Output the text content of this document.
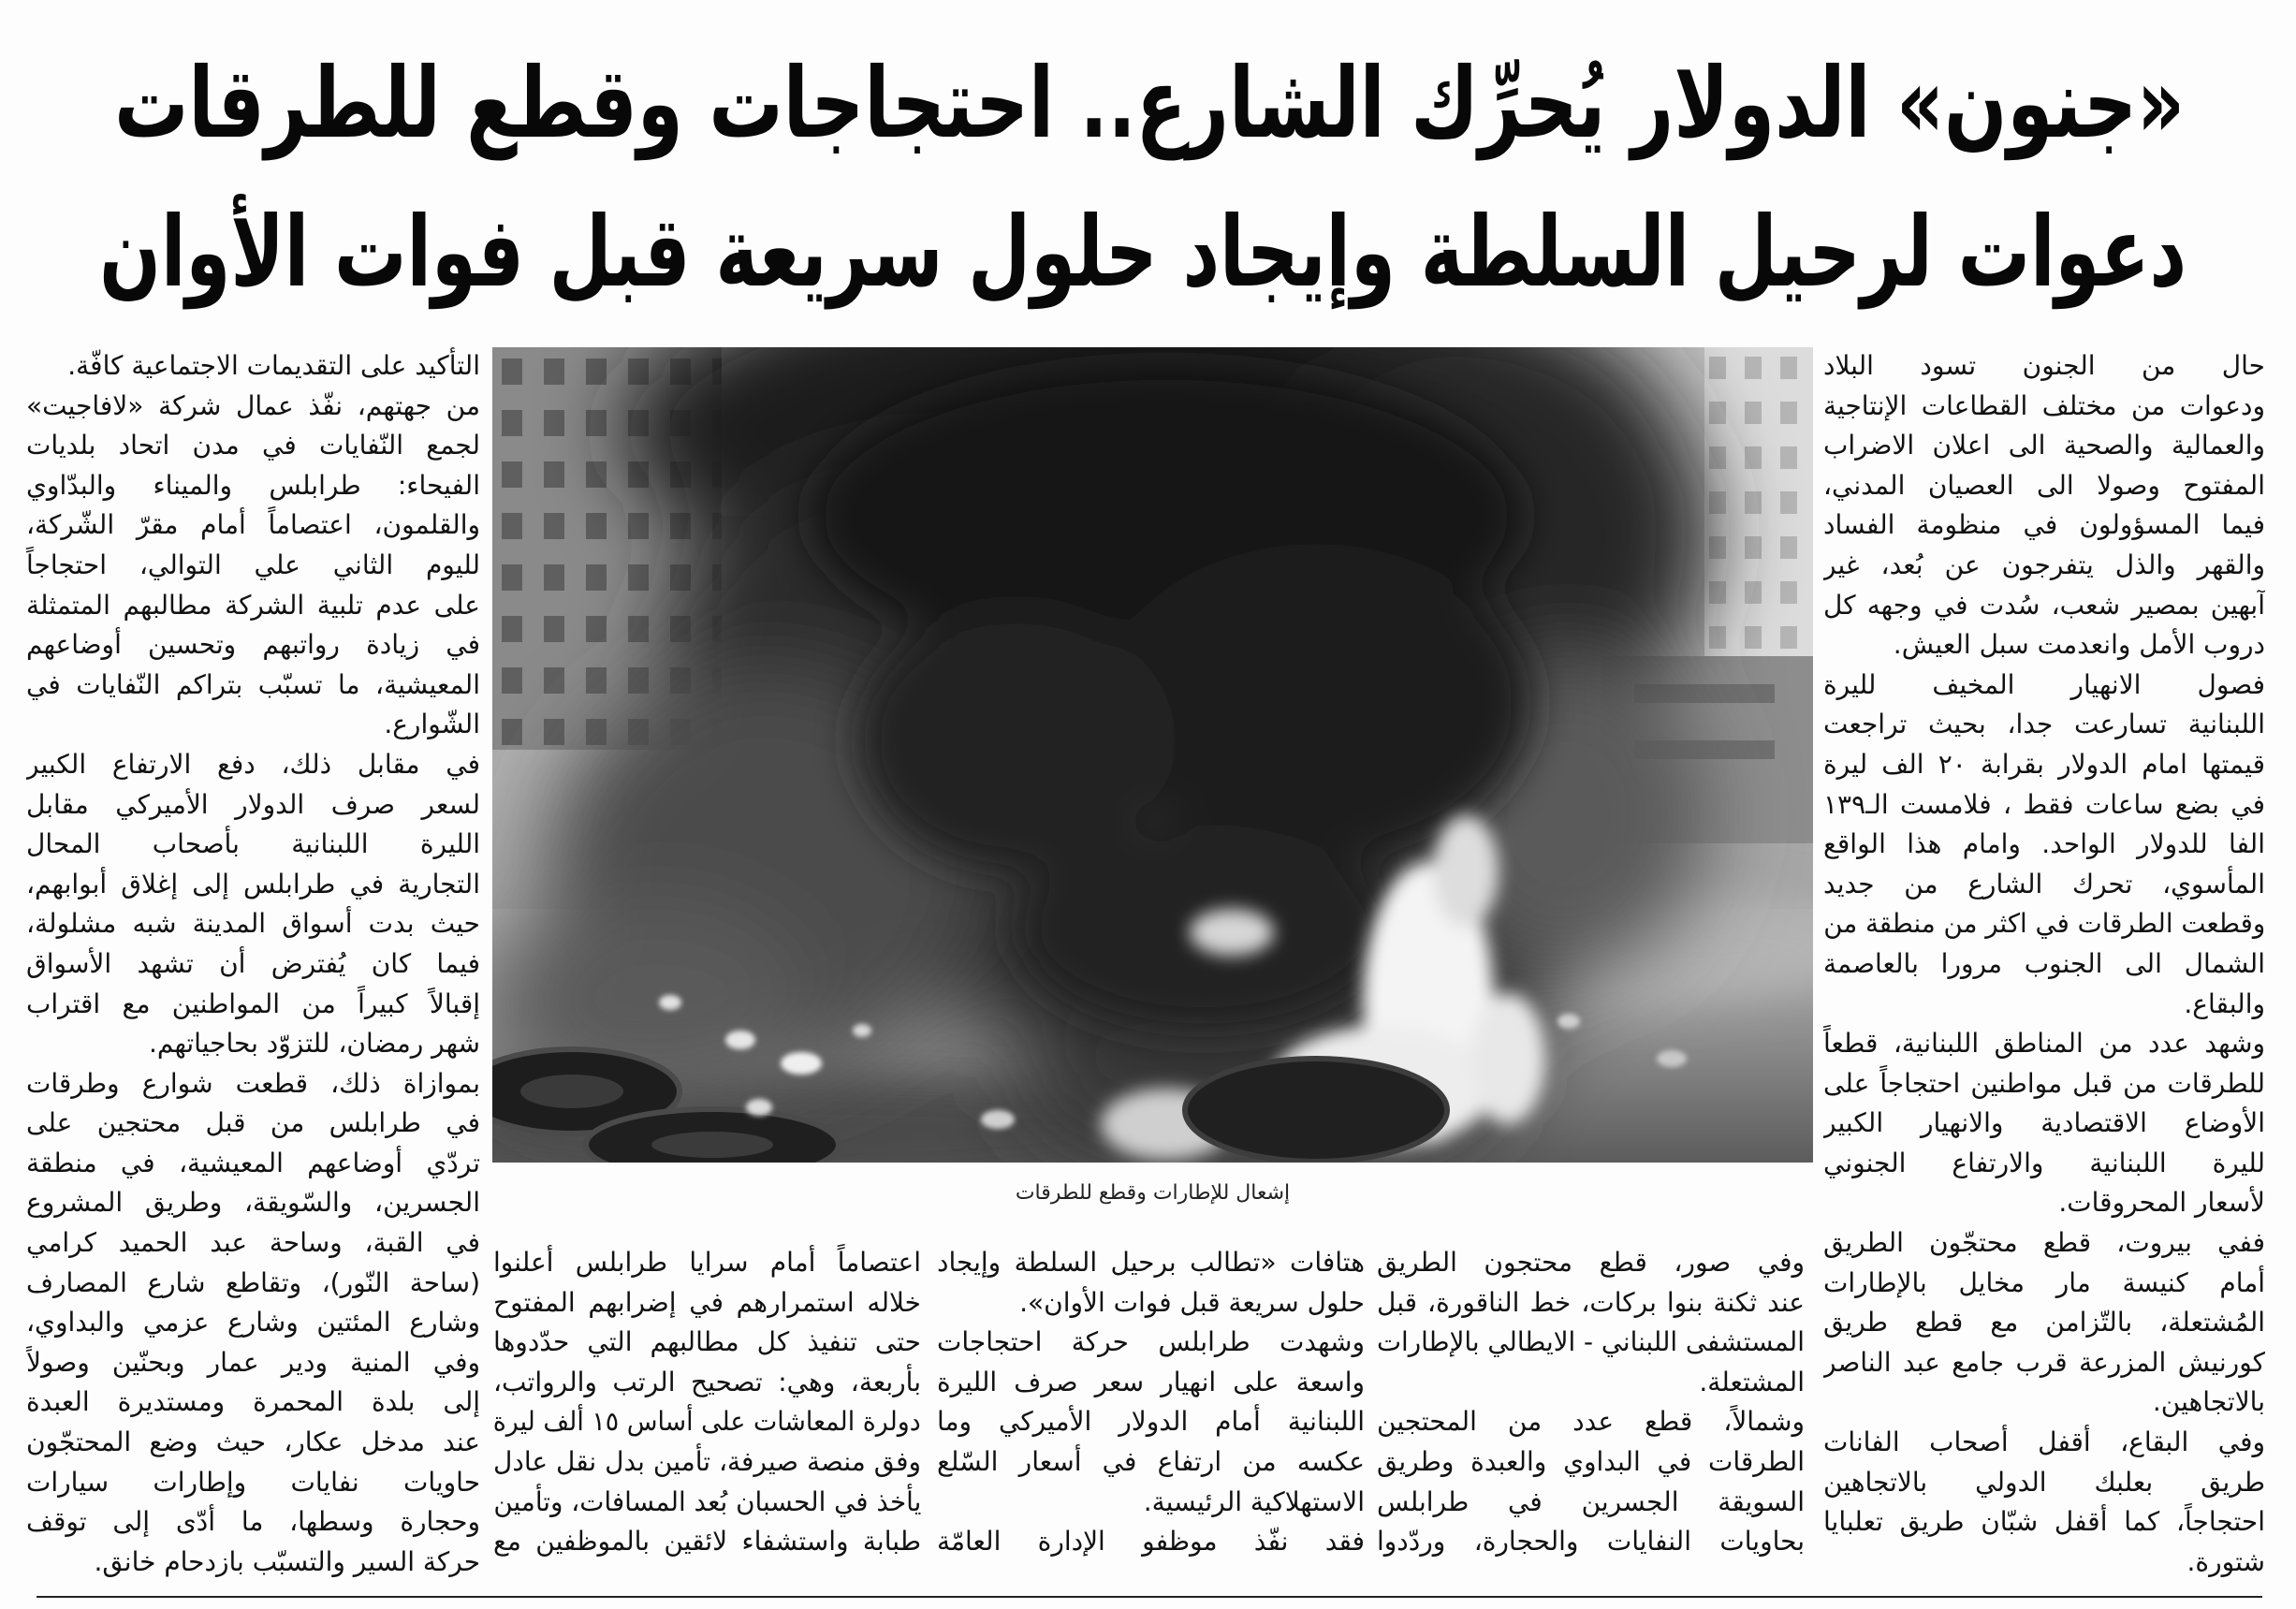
«جنون» الدولار يُحرِّك الشارع.. احتجاجات وقطع للطرقات
دعوات لرحيل السلطة وإيجاد حلول سريعة قبل فوات الأوان
حال من الجنون تسود البلاد
ودعوات من مختلف القطاعات الإنتاجية
والعمالية والصحية الى اعلان الاضراب
المفتوح وصولا الى العصيان المدني،
فيما المسؤولون في منظومة الفساد
والقهر والذل يتفرجون عن بُعد، غير
آبهين بمصير شعب، سُدت في وجهه كل
دروب الأمل وانعدمت سبل العيش.
فصول الانهيار المخيف لليرة
اللبنانية تسارعت جدا، بحيث تراجعت
قيمتها امام الدولار بقرابة ٢٠ الف ليرة
في بضع ساعات فقط ، فلامست الـ١٣٩
الفا للدولار الواحد. وامام هذا الواقع
المأسوي، تحرك الشارع من جديد
وقطعت الطرقات في اكثر من منطقة من
الشمال الى الجنوب مرورا بالعاصمة
والبقاع.
وشهد عدد من المناطق اللبنانية، قطعاً
للطرقات من قبل مواطنين احتجاجاً على
الأوضاع الاقتصادية والانهيار الكبير
لليرة اللبنانية والارتفاع الجنوني
لأسعار المحروقات.
ففي بيروت، قطع محتجّون الطريق
أمام كنيسة مار مخايل بالإطارات
المُشتعلة، بالتّزامن مع قطع طريق
كورنيش المزرعة قرب جامع عبد الناصر
بالاتجاهين.
وفي البقاع، أقفل أصحاب الفانات
طريق بعلبك الدولي بالاتجاهين
احتجاجاً، كما أقفل شبّان طريق تعلبايا
شتورة.
وفي صور، قطع محتجون الطريق
عند ثكنة بنوا بركات، خط الناقورة، قبل
المستشفى اللبناني - الايطالي بالإطارات
المشتعلة.
وشمالاً، قطع عدد من المحتجين
الطرقات في البداوي والعبدة وطريق
السويقة الجسرين في طرابلس
بحاويات النفايات والحجارة، وردّدوا
هتافات «تطالب برحيل السلطة وإيجاد
حلول سريعة قبل فوات الأوان».
وشهدت طرابلس حركة احتجاجات
واسعة على انهيار سعر صرف الليرة
اللبنانية أمام الدولار الأميركي وما
عكسه من ارتفاع في أسعار السّلع
الاستهلاكية الرئيسية.
فقد نفّذ موظفو الإدارة العامّة
اعتصاماً أمام سرايا طرابلس أعلنوا
خلاله استمرارهم في إضرابهم المفتوح
حتى تنفيذ كل مطالبهم التي حدّدوها
بأربعة، وهي: تصحيح الرتب والرواتب،
دولرة المعاشات على أساس ١٥ ألف ليرة
وفق منصة صيرفة، تأمين بدل نقل عادل
يأخذ في الحسبان بُعد المسافات، وتأمين
طبابة واستشفاء لائقين بالموظفين مع
التأكيد على التقديمات الاجتماعية كافّة.
من جهتهم، نفّذ عمال شركة «لافاجيت»
لجمع النّفايات في مدن اتحاد بلديات
الفيحاء: طرابلس والميناء والبدّاوي
والقلمون، اعتصاماً أمام مقرّ الشّركة،
لليوم الثاني علي التوالي، احتجاجاً
على عدم تلبية الشركة مطالبهم المتمثلة
في زيادة رواتبهم وتحسين أوضاعهم
المعيشية، ما تسبّب بتراكم النّفايات في
الشّوارع.
في مقابل ذلك، دفع الارتفاع الكبير
لسعر صرف الدولار الأميركي مقابل
الليرة اللبنانية بأصحاب المحال
التجارية في طرابلس إلى إغلاق أبوابهم،
حيث بدت أسواق المدينة شبه مشلولة،
فيما كان يُفترض أن تشهد الأسواق
إقبالاً كبيراً من المواطنين مع اقتراب
شهر رمضان، للتزوّد بحاجياتهم.
بموازاة ذلك، قطعت شوارع وطرقات
في طرابلس من قبل محتجين على
تردّي أوضاعهم المعيشية، في منطقة
الجسرين، والسّويقة، وطريق المشروع
في القبة، وساحة عبد الحميد كرامي
(ساحة النّور)، وتقاطع شارع المصارف
وشارع المئتين وشارع عزمي والبداوي،
وفي المنية ودير عمار وبحنّين وصولاً
إلى بلدة المحمرة ومستديرة العبدة
عند مدخل عكار، حيث وضع المحتجّون
حاويات نفايات وإطارات سيارات
وحجارة وسطها، ما أدّى إلى توقف
حركة السير والتسبّب بازدحام خانق.
إشعال للإطارات وقطع للطرقات
